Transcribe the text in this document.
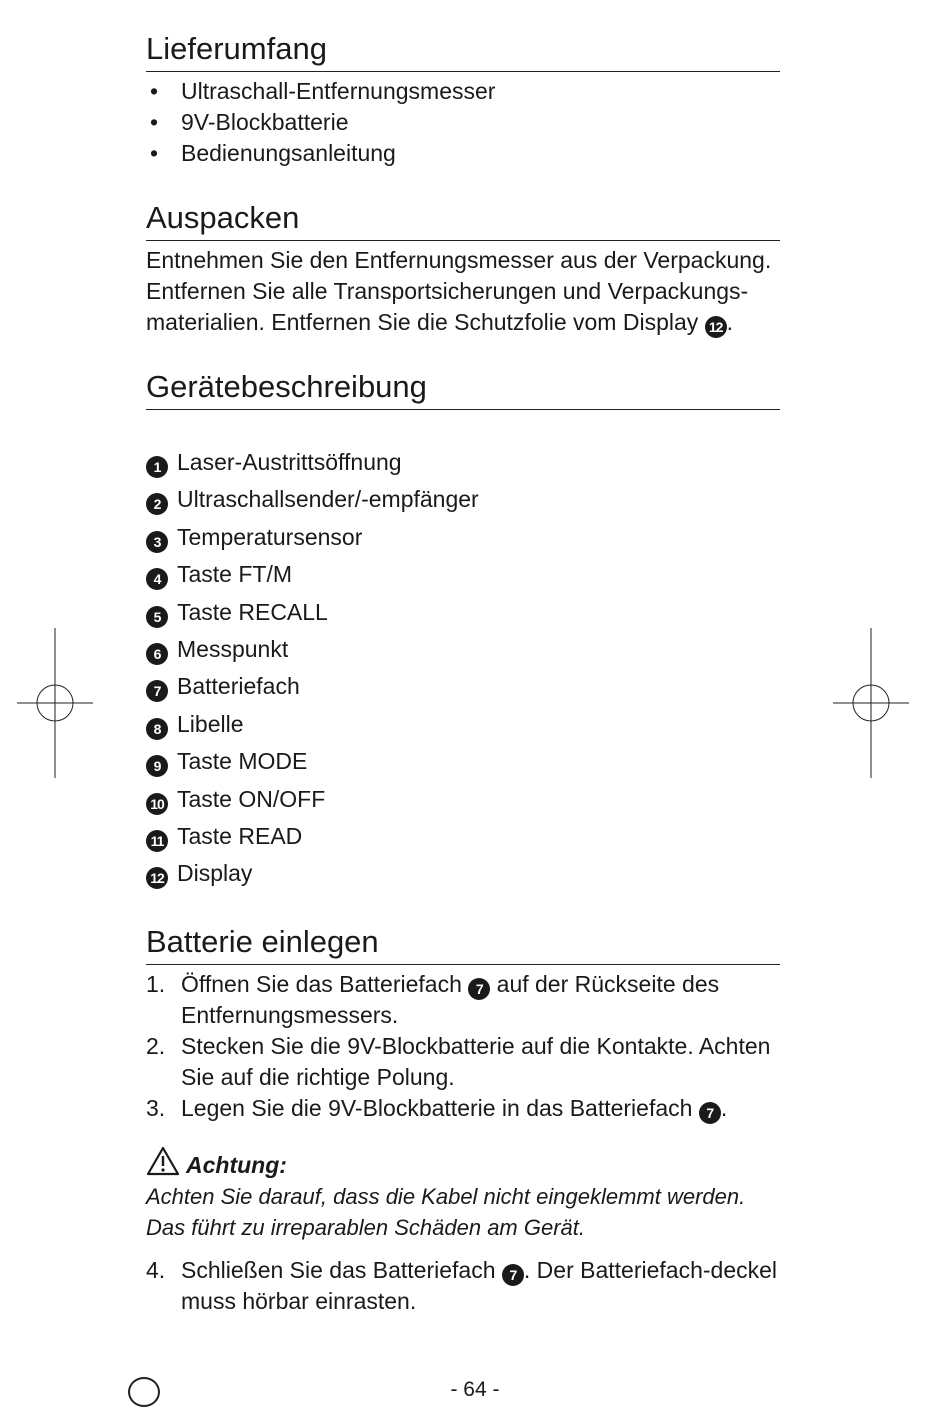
Lieferumfang
• Ultraschall-Entfernungsmesser
• 9V-Blockbatterie
• Bedienungsanleitung
Auspacken

Entnehmen Sie den Entfernungsmesser aus der Verpackung. Entfernen Sie alle Transportsicherungen und Verpackungs-materialien. Entfernen Sie die Schutzfolie vom Display 12 .

Gerätebeschreibung
1 Laser-Austrittsöffnung
2 Ultraschallsender/-empfänger
3 Temperatursensor
4 Taste FT/M
5 Taste RECALL
6 Messpunkt
7 Batteriefach
8 Libelle
9 Taste MODE
10 Taste ON/OFF
11 Taste READ
12 Display
Batterie einlegen
1. Öffnen Sie das Batteriefach 7 auf der Rückseite des Entfernungsmessers.
2. Stecken Sie die 9V-Blockbatterie auf die Kontakte. Achten Sie auf die richtige Polung.
3. Legen Sie die 9V-Blockbatterie in das Batteriefach 7 .
Achtung:
Achten Sie darauf, dass die Kabel nicht eingeklemmt werden. Das führt zu irreparablen Schäden am Gerät.
4. Schließen Sie das Batteriefach 7 . Der Batteriefach-deckel muss hörbar einrasten.
- 64 -
